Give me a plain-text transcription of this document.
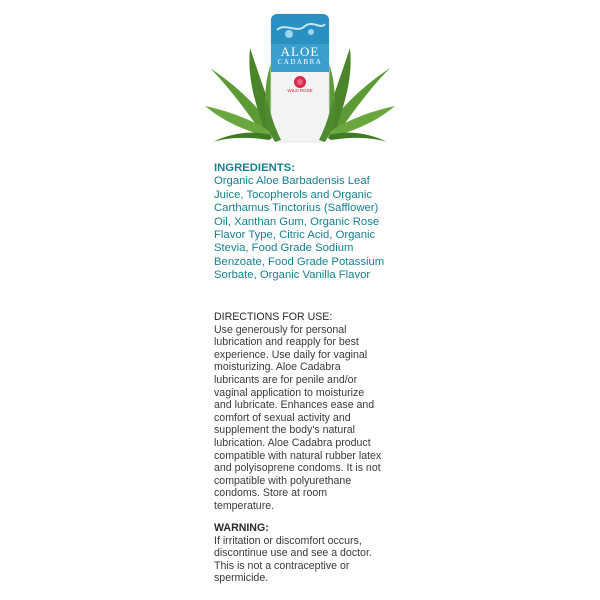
ALOE
CADABRA
WILD ROSE
INGREDIENTS:
Organic Aloe Barbadensis Leaf
Juice, Tocopherols and Organic
Carthamus Tinctorius (Safflower)
Oil, Xanthan Gum, Organic Rose
Flavor Type, Citric Acid, Organic
Stevia, Food Grade Sodium
Benzoate, Food Grade Potassium
Sorbate, Organic Vanilla Flavor
DIRECTIONS FOR USE:
Use generously for personal
lubrication and reapply for best
experience. Use daily for vaginal
moisturizing. Aloe Cadabra
lubricants are for penile and/or
vaginal application to moisturize
and lubricate. Enhances ease and
comfort of sexual activity and
supplement the body's natural
lubrication. Aloe Cadabra product
compatible with natural rubber latex
and polyisoprene condoms. It is not
compatible with polyurethane
condoms. Store at room
temperature.
WARNING:
If irritation or discomfort occurs,
discontinue use and see a doctor.
This is not a contraceptive or
spermicide.
